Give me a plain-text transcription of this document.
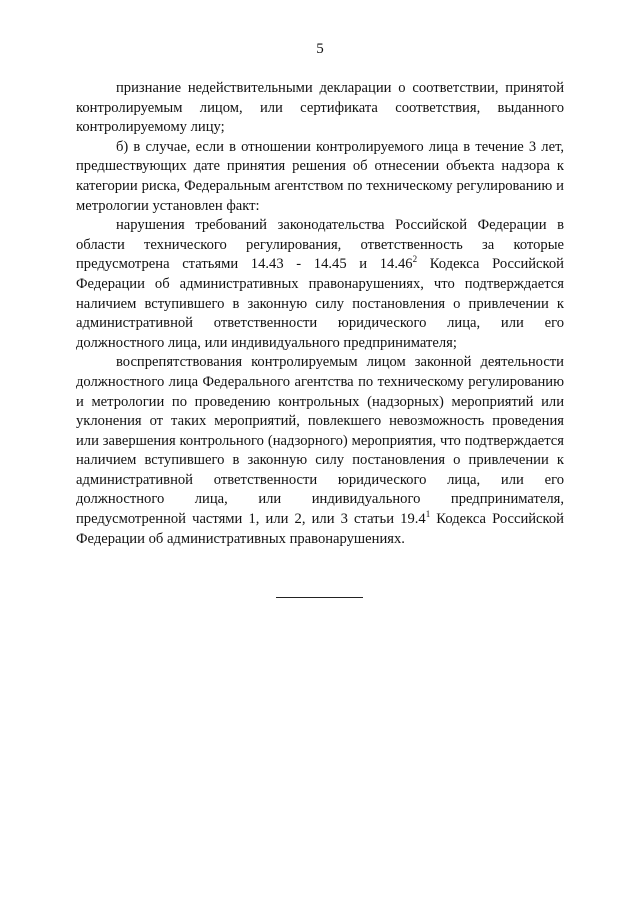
5

признание недействительными декларации о соответствии, принятой контролируемым лицом, или сертификата соответствия, выданного контролируемому лицу;

б) в случае, если в отношении контролируемого лица в течение 3 лет, предшествующих дате принятия решения об отнесении объекта надзора к категории риска, Федеральным агентством по техническому регулированию и метрологии установлен факт:

нарушения требований законодательства Российской Федерации в области технического регулирования, ответственность за которые предусмотрена статьями 14.43 - 14.45 и 14.46$^2$ Кодекса Российской Федерации об административных правонарушениях, что подтверждается наличием вступившего в законную силу постановления о привлечении к административной ответственности юридического лица, или его должностного лица, или индивидуального предпринимателя;

воспрепятствования контролируемым лицом законной деятельности должностного лица Федерального агентства по техническому регулированию и метрологии по проведению контрольных (надзорных) мероприятий или уклонения от таких мероприятий, повлекшего невозможность проведения или завершения контрольного (надзорного) мероприятия, что подтверждается наличием вступившего в законную силу постановления о привлечении к административной ответственности юридического лица, или его должностного лица, или индивидуального предпринимателя, предусмотренной частями 1, или 2, или 3 статьи 19.4$^1$ Кодекса Российской Федерации об административных правонарушениях.
